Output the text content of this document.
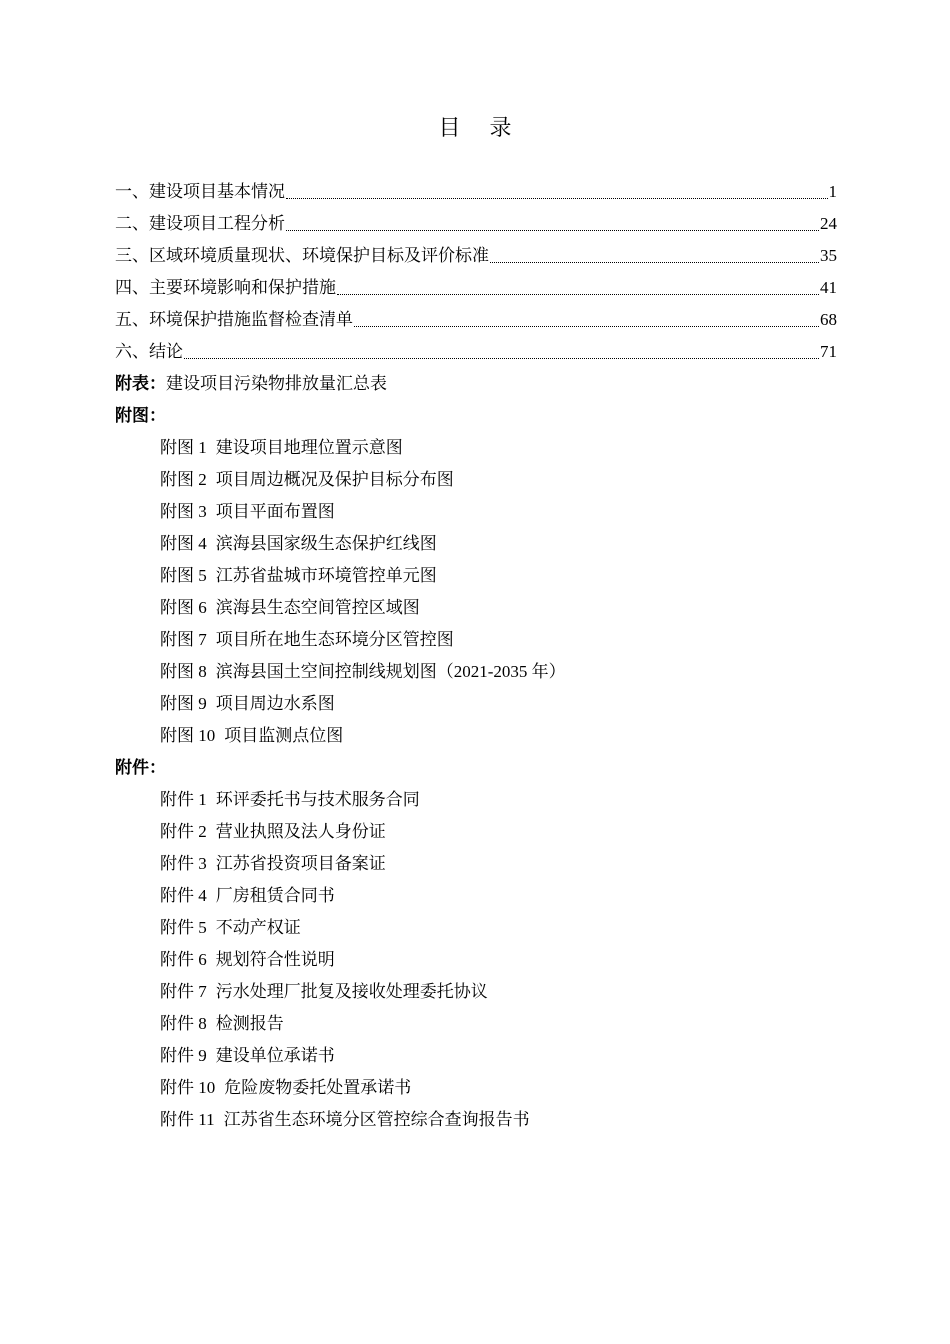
目 录
一、建设项目基本情况	1
二、建设项目工程分析	24
三、区域环境质量现状、环境保护目标及评价标准	35
四、主要环境影响和保护措施	41
五、环境保护措施监督检查清单	68
六、结论	71
附表：建设项目污染物排放量汇总表
附图：
附图 1 建设项目地理位置示意图
附图 2 项目周边概况及保护目标分布图
附图 3 项目平面布置图
附图 4 滨海县国家级生态保护红线图
附图 5 江苏省盐城市环境管控单元图
附图 6 滨海县生态空间管控区域图
附图 7 项目所在地生态环境分区管控图
附图 8 滨海县国土空间控制线规划图（2021-2035 年）
附图 9 项目周边水系图
附图 10 项目监测点位图
附件：
附件 1 环评委托书与技术服务合同
附件 2 营业执照及法人身份证
附件 3 江苏省投资项目备案证
附件 4 厂房租赁合同书
附件 5 不动产权证
附件 6 规划符合性说明
附件 7 污水处理厂批复及接收处理委托协议
附件 8 检测报告
附件 9 建设单位承诺书
附件 10 危险废物委托处置承诺书
附件 11 江苏省生态环境分区管控综合查询报告书
